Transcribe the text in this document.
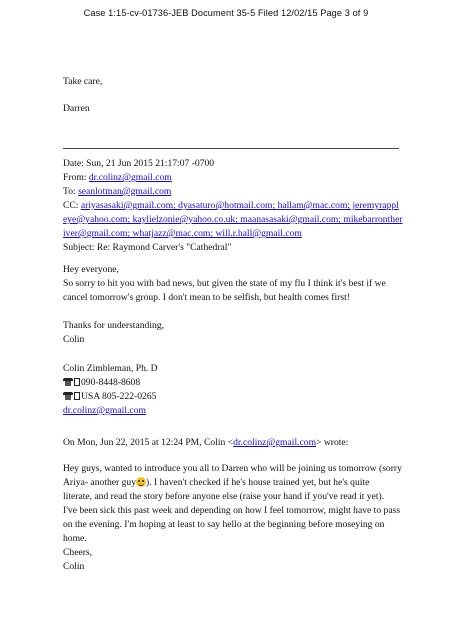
Case 1:15-cv-01736-JEB Document 35-5 Filed 12/02/15 Page 3 of 9
Take care,
Darren
Date: Sun, 21 Jun 2015 21:17:07 -0700
From: dr.colinz@gmail.com
To: seanlotman@gmail.com
CC: ariyasasaki@gmail.com; dyasaturo@hotmail.com; hallam@mac.com; jeremyrappl
eye@yahoo.com; kaylielzonie@yahoo.co.uk; maanasasaki@gmail.com; mikebarronther
iver@gmail.com; whatjazz@mac.com; will.r.hall@gmail.com
Subject: Re: Raymond Carver's "Cathedral"
Hey everyone,
So sorry to hit you with bad news, but given the state of my flu I think it's best if we
cancel tomorrow's group. I don't mean to be selfish, but health comes first!
Thanks for understanding,
Colin
Colin Zimbleman, Ph. D
090-8448-8608
USA 805-222-0265
dr.colinz@gmail.com
On Mon, Jun 22, 2015 at 12:24 PM, Colin <dr.colinz@gmail.com> wrote:
Hey guys, wanted to introduce you all to Darren who will be joining us tomorrow (sorry
Ariya- another guy ). I haven't checked if he's house trained yet, but he's quite
literate, and read the story before anyone else (raise your hand if you've read it yet).
I've been sick this past week and depending on how I feel tomorrow, might have to pass
on the evening. I'm hoping at least to say hello at the beginning before moseying on
home.
Cheers,
Colin
